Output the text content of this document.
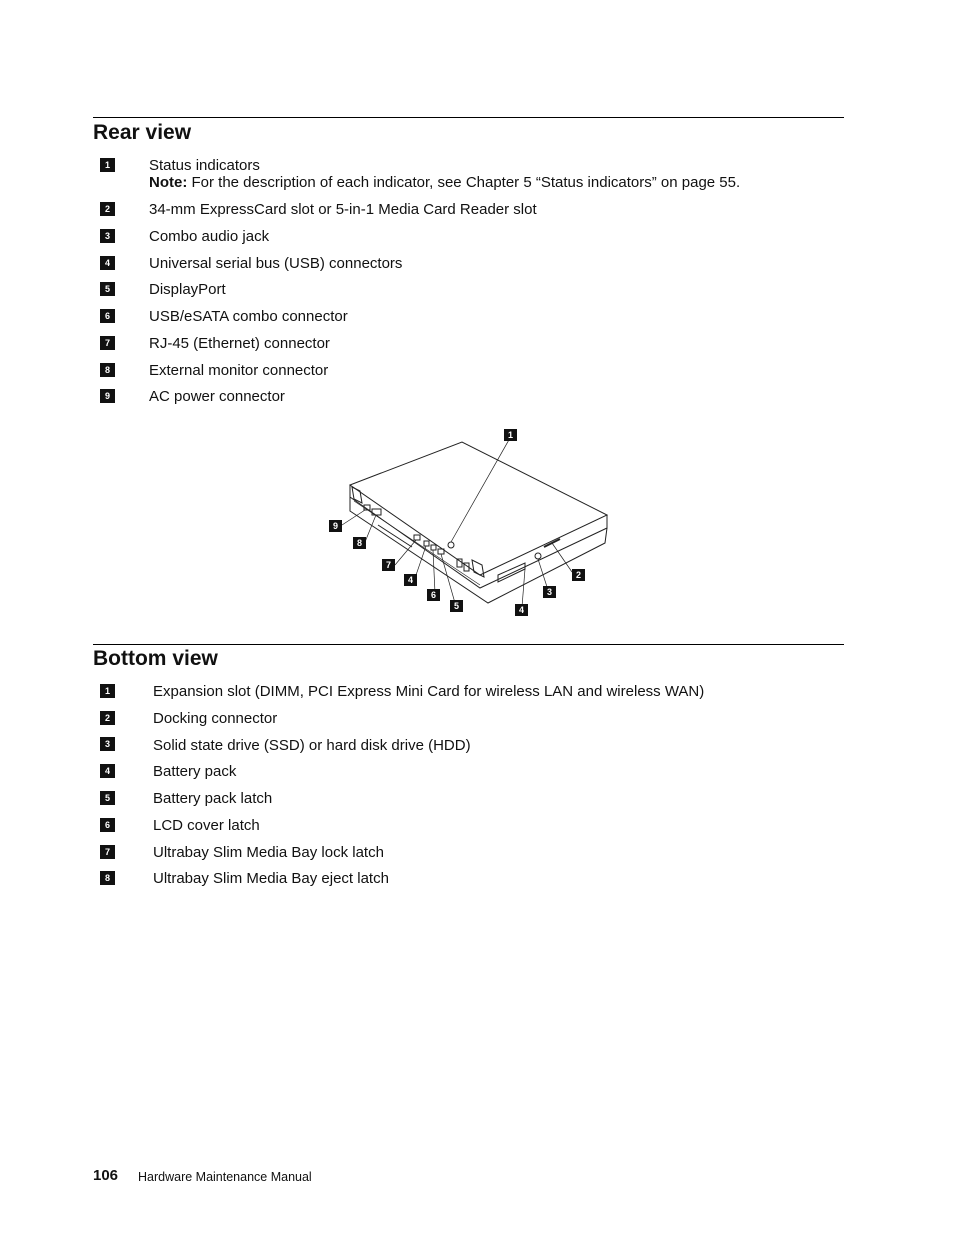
Rear view
1	Status indicators
Note: For the description of each indicator, see Chapter 5 “Status indicators” on page 55.
2	34-mm ExpressCard slot or 5-in-1 Media Card Reader slot
3	Combo audio jack
4	Universal serial bus (USB) connectors
5	DisplayPort
6	USB/eSATA combo connector
7	RJ-45 (Ethernet) connector
8	External monitor connector
9	AC power connector
1
9
8
7
4
6
5	4
3
2
Bottom view
1	Expansion slot (DIMM, PCI Express Mini Card for wireless LAN and wireless WAN)
2	Docking connector
3	Solid state drive (SSD) or hard disk drive (HDD)
4	Battery pack
5	Battery pack latch
6	LCD cover latch
7	Ultrabay Slim Media Bay lock latch
8	Ultrabay Slim Media Bay eject latch
106 Hardware Maintenance Manual
